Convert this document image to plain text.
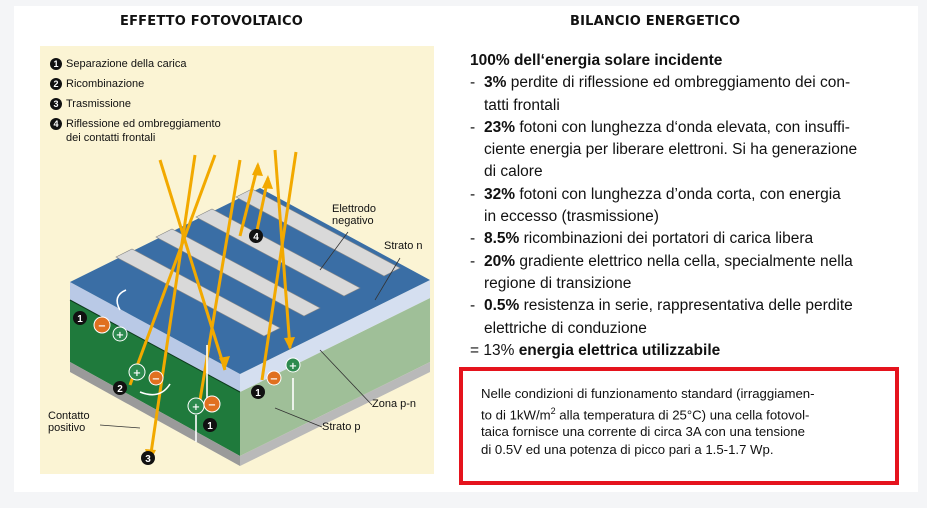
EFFETTO FOTOVOLTAICO	BILANCIO ENERGETICO
1 Separazione della carica
2 Ricombinazione
3 Trasmissione
4 Riflessione ed ombreggiamento
dei contatti frontali
−
+
+
−
+ −
−
+
1
2
1
1
3
4
Elettrodo
negativo
Strato n
Zona p-n
Strato p
Contatto
positivo
100% dell‘energia solare incidente
- 3% perdite di riflessione ed ombreggiamento dei con-
tatti frontali
- 23% fotoni con lunghezza d‘onda elevata, con insuffi-
ciente energia per liberare elettroni. Si ha generazione
di calore
- 32% fotoni con lunghezza d’onda corta, con energia
in eccesso (trasmissione)
- 8.5% ricombinazioni dei portatori di carica libera
- 20% gradiente elettrico nella cella, specialmente nella
regione di transizione
- 0.5% resistenza in serie, rappresentativa delle perdite
elettriche di conduzione
= 13% energia elettrica utilizzabile
Nelle condizioni di funzionamento standard (irraggiamen-
to di $1kW/m^2$ alla temperatura di 25°C) una cella fotovol-
taica fornisce una corrente di circa 3A con una tensione
di 0.5V ed una potenza di picco pari a 1.5-1.7 Wp.
